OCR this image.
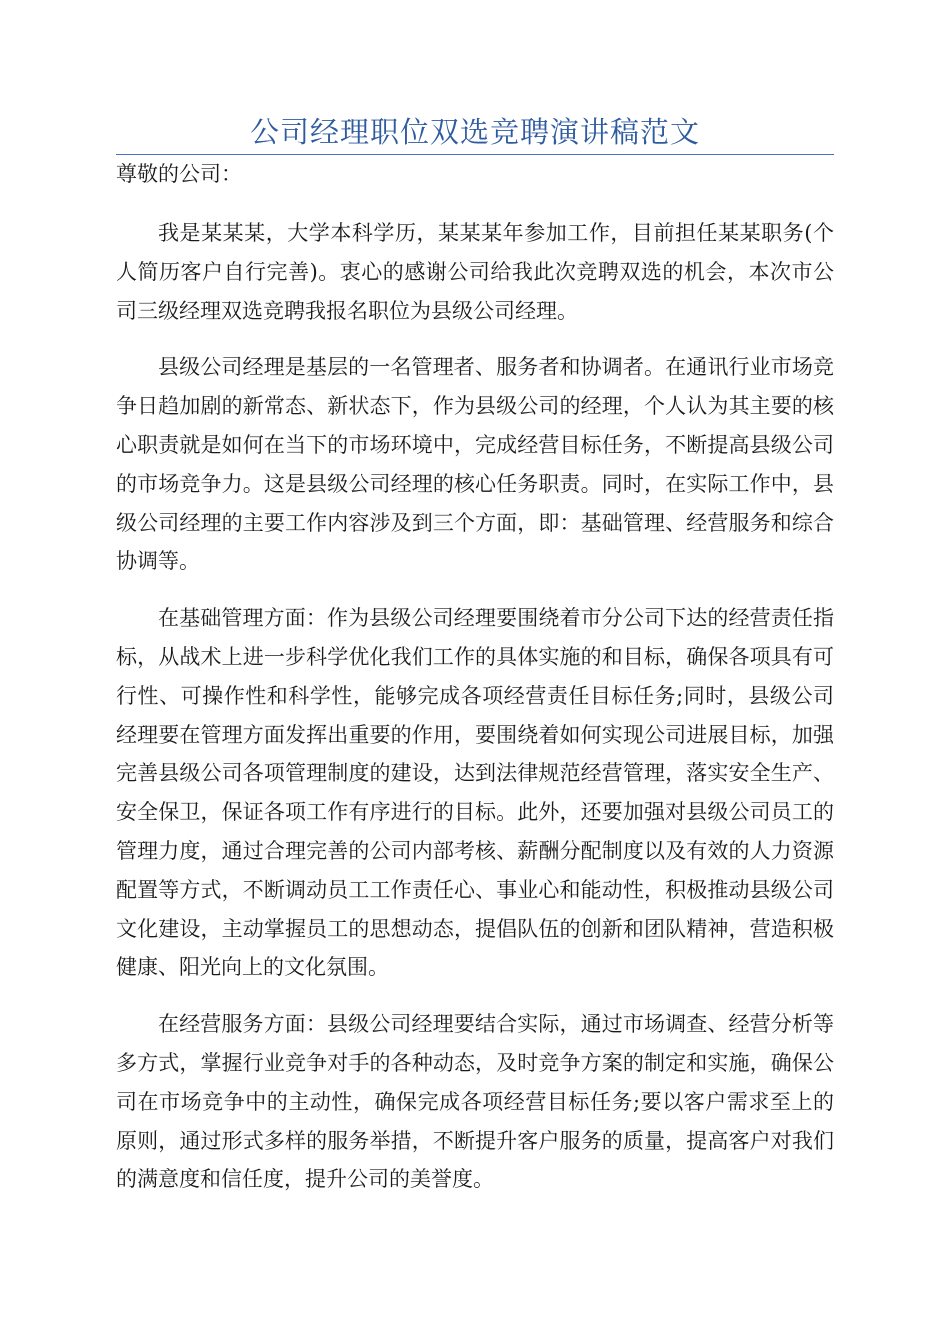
公司经理职位双选竞聘演讲稿范文

尊敬的公司：

我是某某某，大学本科学历，某某某年参加工作，目前担任某某职务(个人简历客户自行完善)。衷心的感谢公司给我此次竞聘双选的机会，本次市公司三级经理双选竞聘我报名职位为县级公司经理。

县级公司经理是基层的一名管理者、服务者和协调者。在通讯行业市场竞争日趋加剧的新常态、新状态下，作为县级公司的经理，个人认为其主要的核心职责就是如何在当下的市场环境中，完成经营目标任务，不断提高县级公司的市场竞争力。这是县级公司经理的核心任务职责。同时，在实际工作中，县级公司经理的主要工作内容涉及到三个方面，即：基础管理、经营服务和综合协调等。

在基础管理方面：作为县级公司经理要围绕着市分公司下达的经营责任指标，从战术上进一步科学优化我们工作的具体实施的和目标，确保各项具有可行性、可操作性和科学性，能够完成各项经营责任目标任务;同时，县级公司经理要在管理方面发挥出重要的作用，要围绕着如何实现公司进展目标，加强完善县级公司各项管理制度的建设，达到法律规范经营管理，落实安全生产、安全保卫，保证各项工作有序进行的目标。此外，还要加强对县级公司员工的管理力度，通过合理完善的公司内部考核、薪酬分配制度以及有效的人力资源配置等方式，不断调动员工工作责任心、事业心和能动性，积极推动县级公司文化建设，主动掌握员工的思想动态，提倡队伍的创新和团队精神，营造积极健康、阳光向上的文化氛围。

在经营服务方面：县级公司经理要结合实际，通过市场调查、经营分析等多方式，掌握行业竞争对手的各种动态，及时竞争方案的制定和实施，确保公司在市场竞争中的主动性，确保完成各项经营目标任务;要以客户需求至上的原则，通过形式多样的服务举措，不断提升客户服务的质量，提高客户对我们的满意度和信任度，提升公司的美誉度。
